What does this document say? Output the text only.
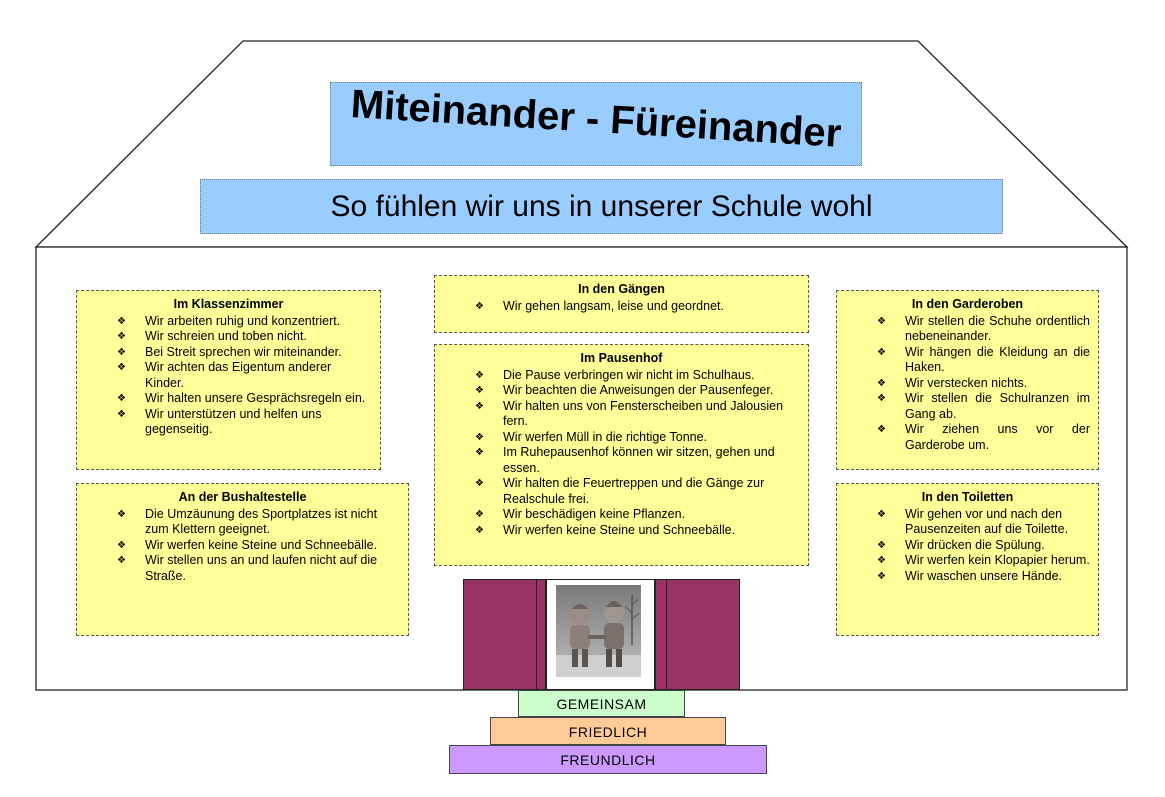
Miteinander - Füreinander
So fühlen wir uns in unserer Schule wohl
Im Klassenzimmer
❖ Wir arbeiten ruhig und konzentriert.
❖ Wir schreien und toben nicht.
❖ Bei Streit sprechen wir miteinander.
❖ Wir achten das Eigentum anderer Kinder.
❖ Wir halten unsere Gesprächsregeln ein.
❖ Wir unterstützen und helfen uns gegenseitig.
An der Bushaltestelle
❖ Die Umzäunung des Sportplatzes ist nicht zum Klettern geeignet.
❖ Wir werfen keine Steine und Schneebälle.
❖ Wir stellen uns an und laufen nicht auf die Straße.
In den Gängen
❖ Wir gehen langsam, leise und geordnet.
Im Pausenhof
❖ Die Pause verbringen wir nicht im Schulhaus.
❖ Wir beachten die Anweisungen der Pausenfeger.
❖ Wir halten uns von Fensterscheiben und Jalousien fern.
❖ Wir werfen Müll in die richtige Tonne.
❖ Im Ruhepausenhof können wir sitzen, gehen und essen.
❖ Wir halten die Feuertreppen und die Gänge zur Realschule frei.
❖ Wir beschädigen keine Pflanzen.
❖ Wir werfen keine Steine und Schneebälle.
In den Garderoben
❖ Wir stellen die Schuhe ordentlich nebeneinander.
❖ Wir hängen die Kleidung an die Haken.
❖ Wir verstecken nichts.
❖ Wir stellen die Schulranzen im Gang ab.
❖ Wir ziehen uns vor der Garderobe um.
In den Toiletten
❖ Wir gehen vor und nach den Pausenzeiten auf die Toilette.
❖ Wir drücken die Spülung.
❖ Wir werfen kein Klopapier herum.
❖ Wir waschen unsere Hände.
GEMEINSAM
FRIEDLICH
FREUNDLICH
